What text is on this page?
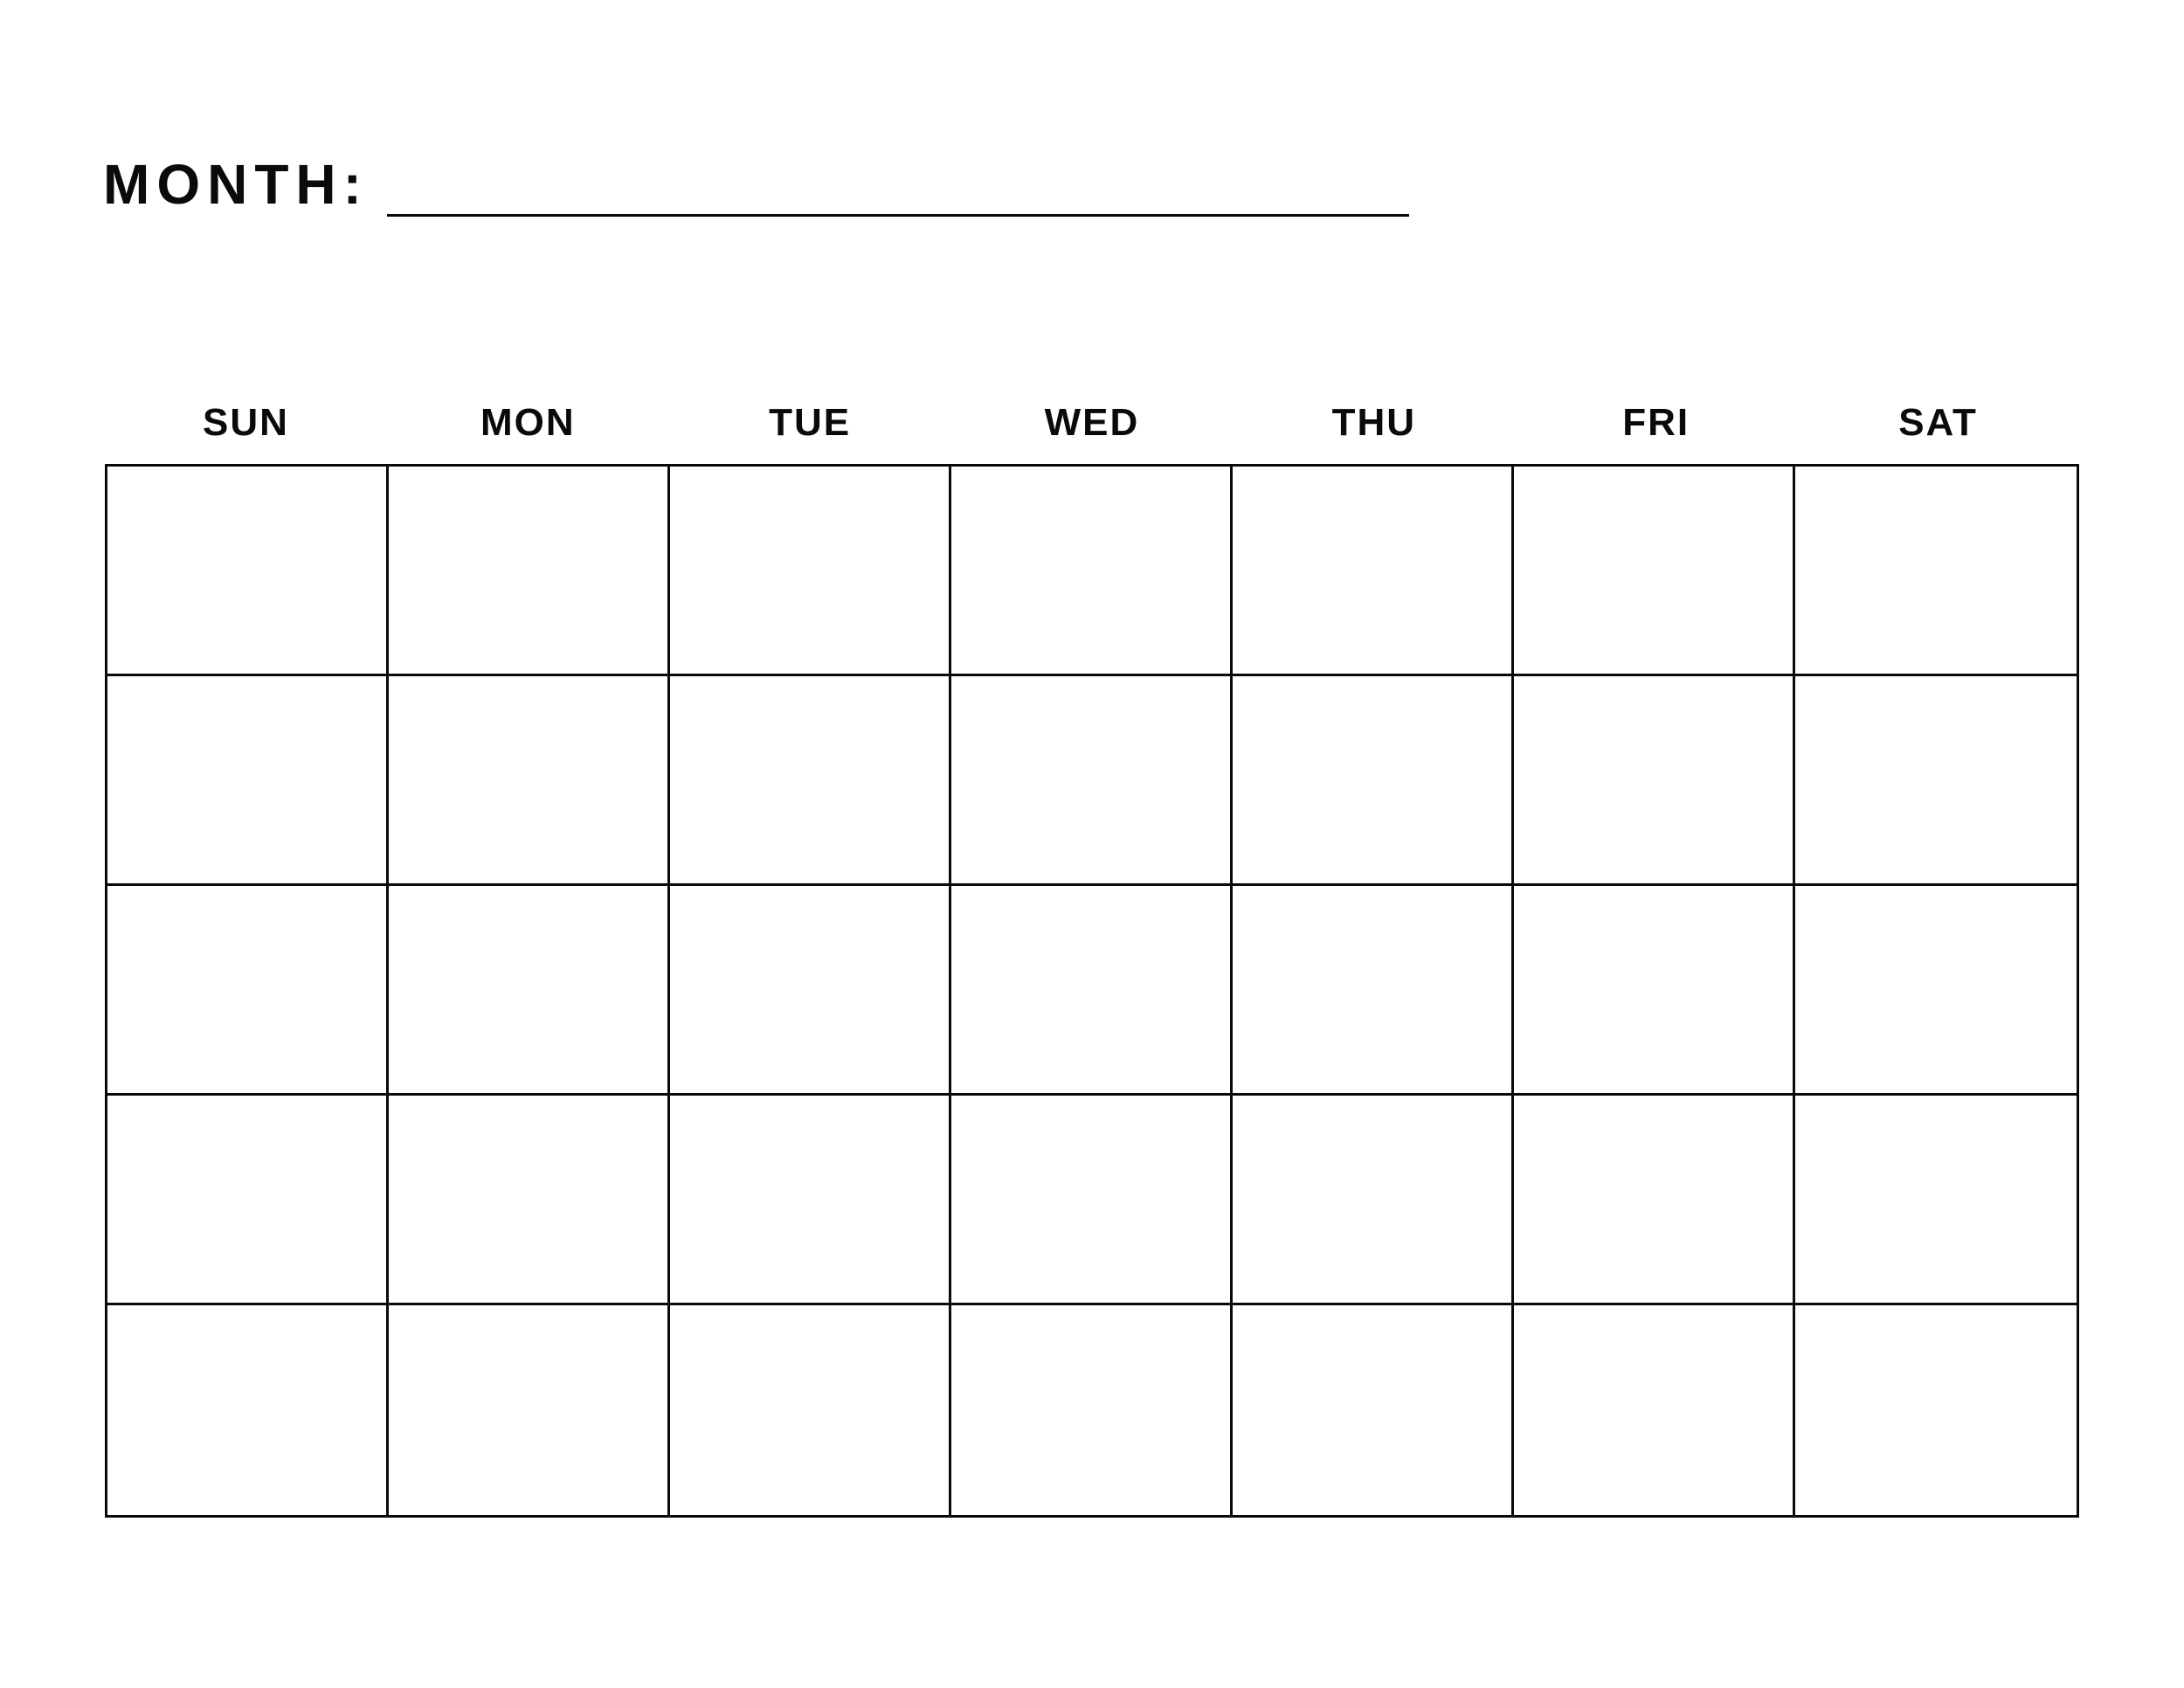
MONTH:
SUN	MON	TUE	WED	THU	FRI	SAT
